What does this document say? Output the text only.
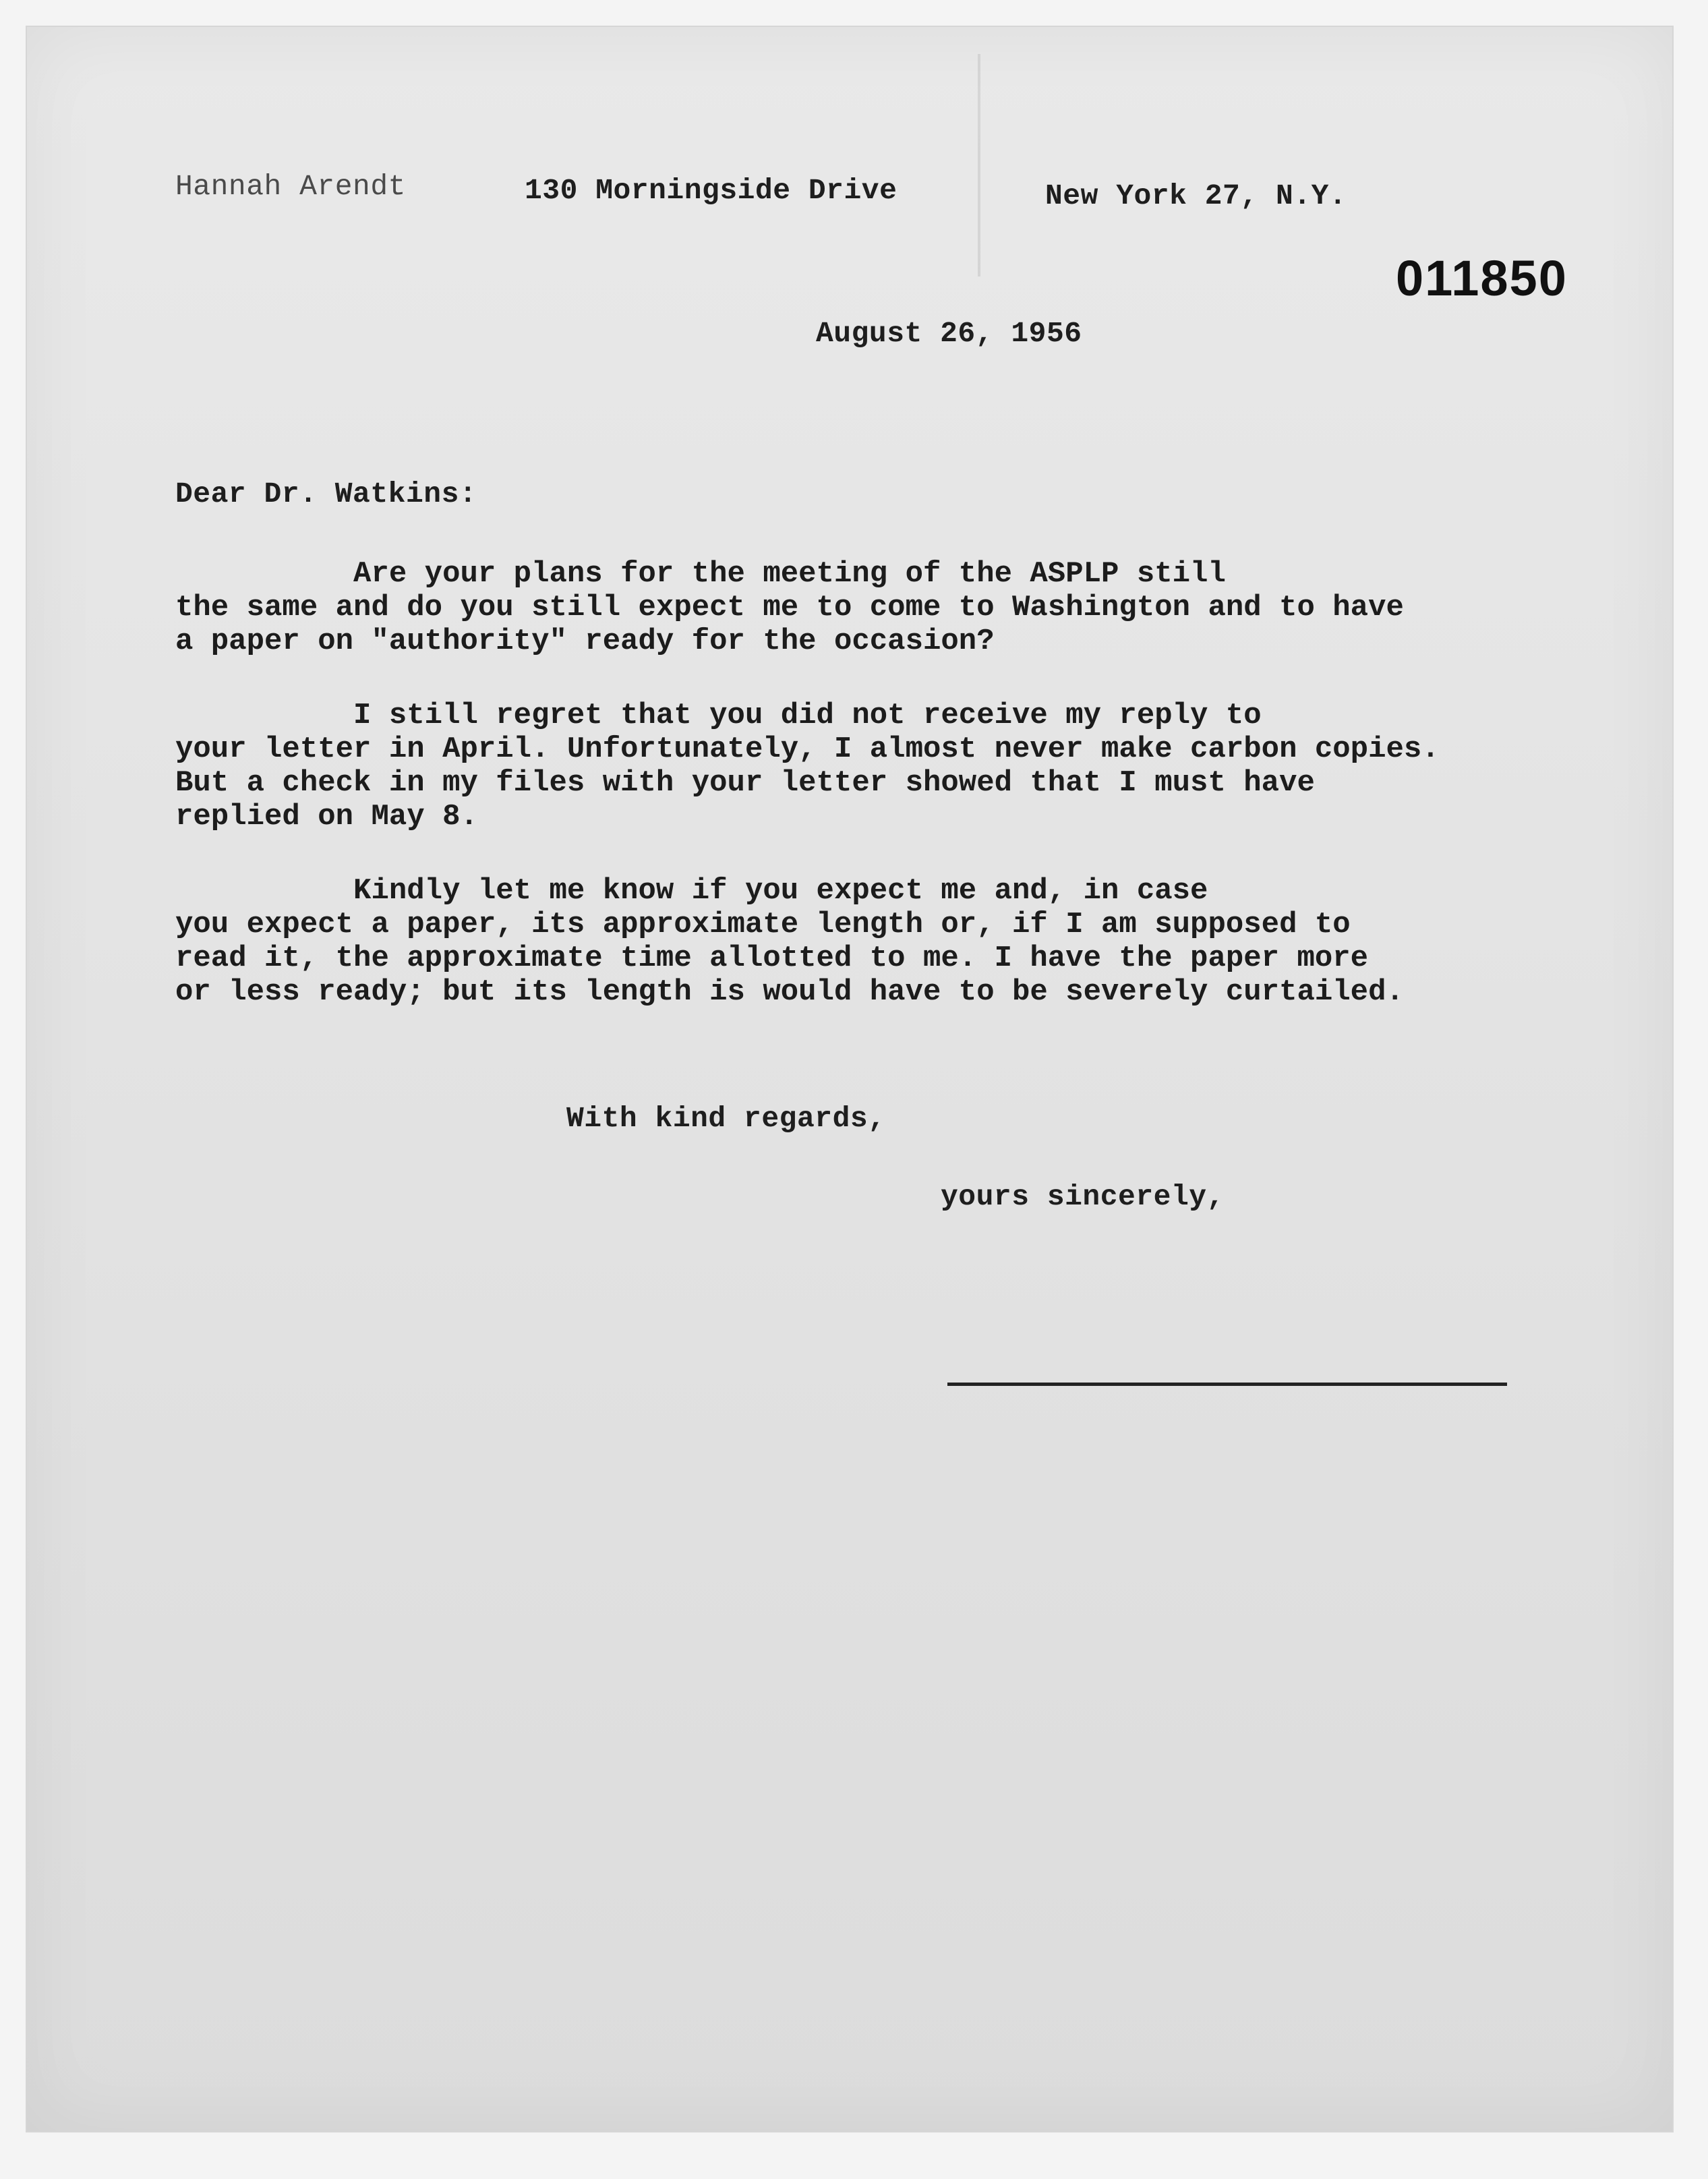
Hannah Arendt	130 Morningside Drive	New York 27, N.Y.
011850
August 26, 1956
Dear Dr. Watkins:
Are your plans for the meeting of the ASPLP still
the same and do you still expect me to come to Washington and to have
a paper on "authority" ready for the occasion?
I still regret that you did not receive my reply to
your letter in April. Unfortunately, I almost never make carbon copies.
But a check in my files with your letter showed that I must have
replied on May 8.
Kindly let me know if you expect me and, in case
you expect a paper, its approximate length or, if I am supposed to
read it, the approximate time allotted to me. I have the paper more
or less ready; but its length is would have to be severely curtailed.
With kind regards,
yours sincerely,
